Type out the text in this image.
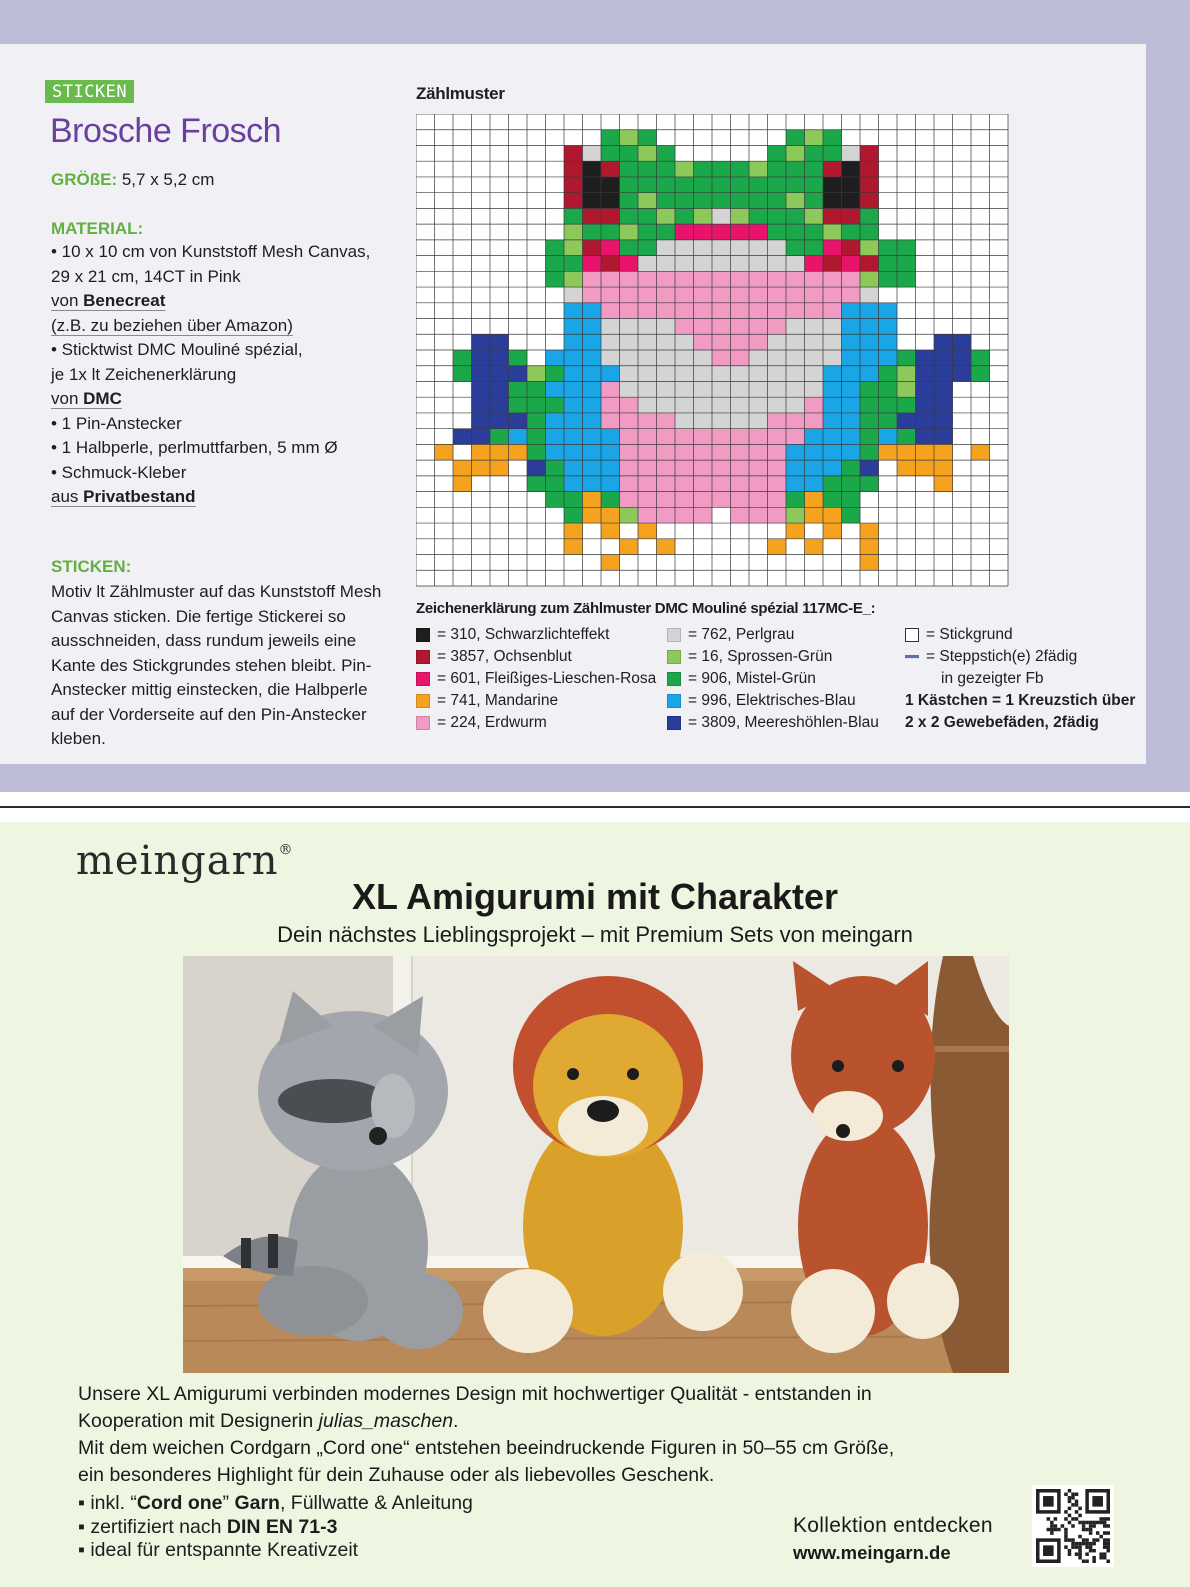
STICKEN
Brosche Frosch
GRÖßE: 5,7 x 5,2 cm
MATERIAL:
• 10 x 10 cm von Kunststoff Mesh Canvas,
29 x 21 cm, 14CT in Pink
von Benecreat
(z.B. zu beziehen über Amazon)
• Sticktwist DMC Mouliné spézial,
je 1x lt Zeichenerklärung
von DMC
• 1 Pin-Anstecker
• 1 Halbperle, perlmuttfarben, 5 mm Ø
• Schmuck-Kleber
aus Privatbestand
STICKEN:
Motiv lt Zählmuster auf das Kunststoff Mesh Canvas sticken. Die fertige Stickerei so ausschneiden, dass rundum jeweils eine Kante des Stickgrundes stehen bleibt. Pin-Anstecker mittig einstecken, die Halbperle auf der Vorderseite auf den Pin-Anstecker kleben.
Zählmuster
Zeichenerklärung zum Zählmuster DMC Mouliné spézial 117MC-E_:
= 310, Schwarzlichteffekt
= 3857, Ochsenblut
= 601, Fleißiges-Lieschen-Rosa
= 741, Mandarine
= 224, Erdwurm
= 762, Perlgrau
= 16, Sprossen-Grün
= 906, Mistel-Grün
= 996, Elektrisches-Blau
= 3809, Meereshöhlen-Blau
= Stickgrund
= Steppstich(e) 2fädig
in gezeigter Fb
1 Kästchen = 1 Kreuzstich über
2 x 2 Gewebefäden, 2fädig
meingarn®
XL Amigurumi mit Charakter
Dein nächstes Lieblingsprojekt – mit Premium Sets von meingarn
Unsere XL Amigurumi verbinden modernes Design mit hochwertiger Qualität - entstanden in
Kooperation mit Designerin julias_maschen.
Mit dem weichen Cordgarn „Cord one“ entstehen beeindruckende Figuren in 50–55 cm Größe,
ein besonderes Highlight für dein Zuhause oder als liebevolles Geschenk.
▪ inkl. “Cord one” Garn, Füllwatte & Anleitung
▪ zertifiziert nach DIN EN 71-3
▪ ideal für entspannte Kreativzeit
Kollektion entdecken
www.meingarn.de
